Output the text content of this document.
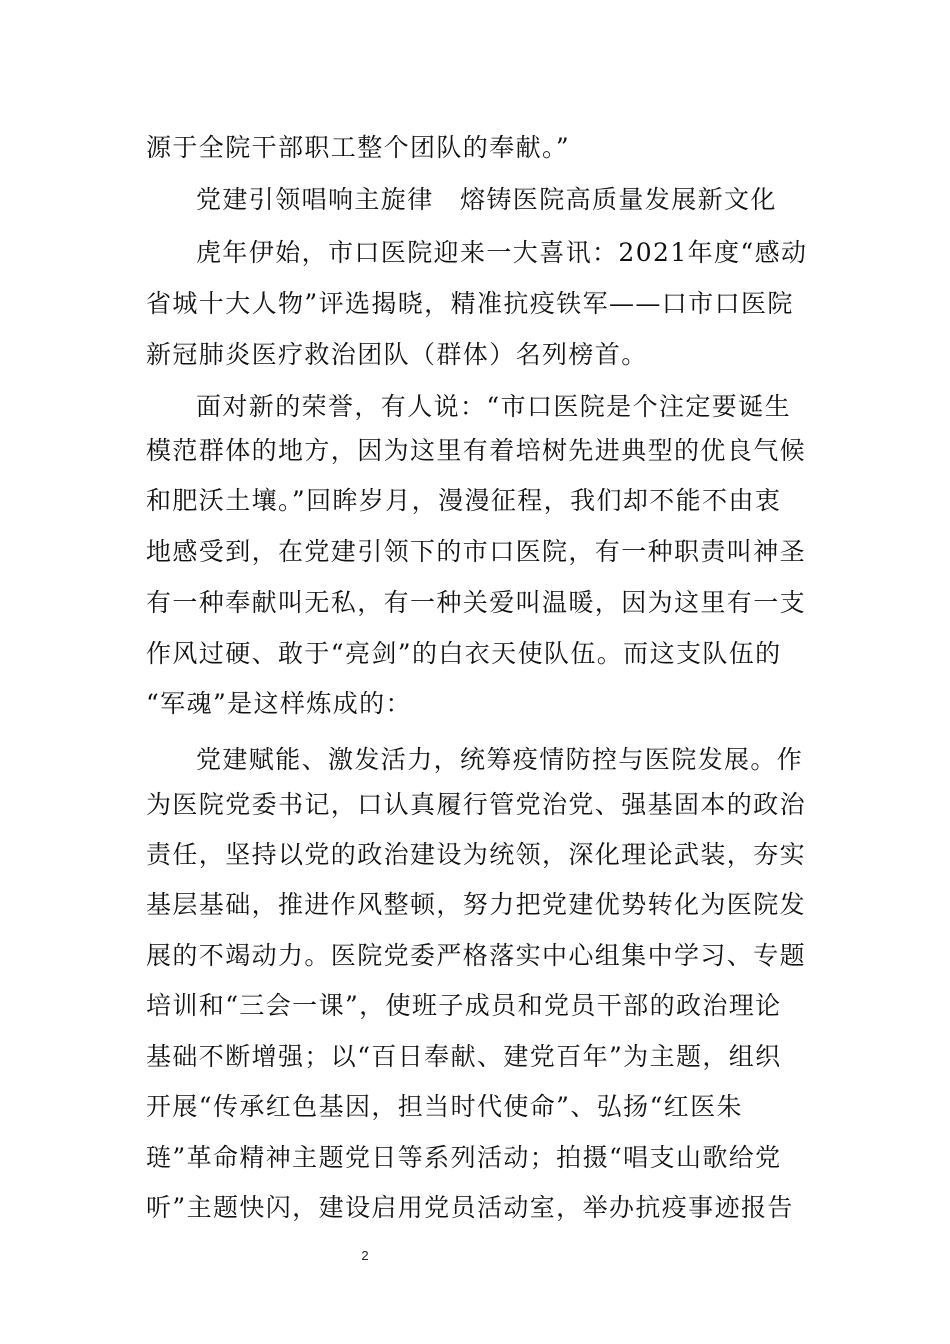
源于全院干部职工整个团队的奉献。”
党建引领唱响主旋律　熔铸医院高质量发展新文化
虎年伊始，市口医院迎来一大喜讯：2021年度“感动
省城十大人物”评选揭晓，精准抗疫铁军——口市口医院
新冠肺炎医疗救治团队（群体）名列榜首。
面对新的荣誉，有人说：“市口医院是个注定要诞生
模范群体的地方，因为这里有着培树先进典型的优良气候
和肥沃土壤。”回眸岁月，漫漫征程，我们却不能不由衷
地感受到，在党建引领下的市口医院，有一种职责叫神圣
有一种奉献叫无私，有一种关爱叫温暖，因为这里有一支
作风过硬、敢于“亮剑”的白衣天使队伍。而这支队伍的
“军魂”是这样炼成的：
党建赋能、激发活力，统筹疫情防控与医院发展。作
为医院党委书记，口认真履行管党治党、强基固本的政治
责任，坚持以党的政治建设为统领，深化理论武装，夯实
基层基础，推进作风整顿，努力把党建优势转化为医院发
展的不竭动力。医院党委严格落实中心组集中学习、专题
培训和“三会一课”，使班子成员和党员干部的政治理论
基础不断增强；以“百日奉献、建党百年”为主题，组织
开展“传承红色基因，担当时代使命”、弘扬“红医朱
琏”革命精神主题党日等系列活动；拍摄“唱支山歌给党
听”主题快闪，建设启用党员活动室，举办抗疫事迹报告
2
